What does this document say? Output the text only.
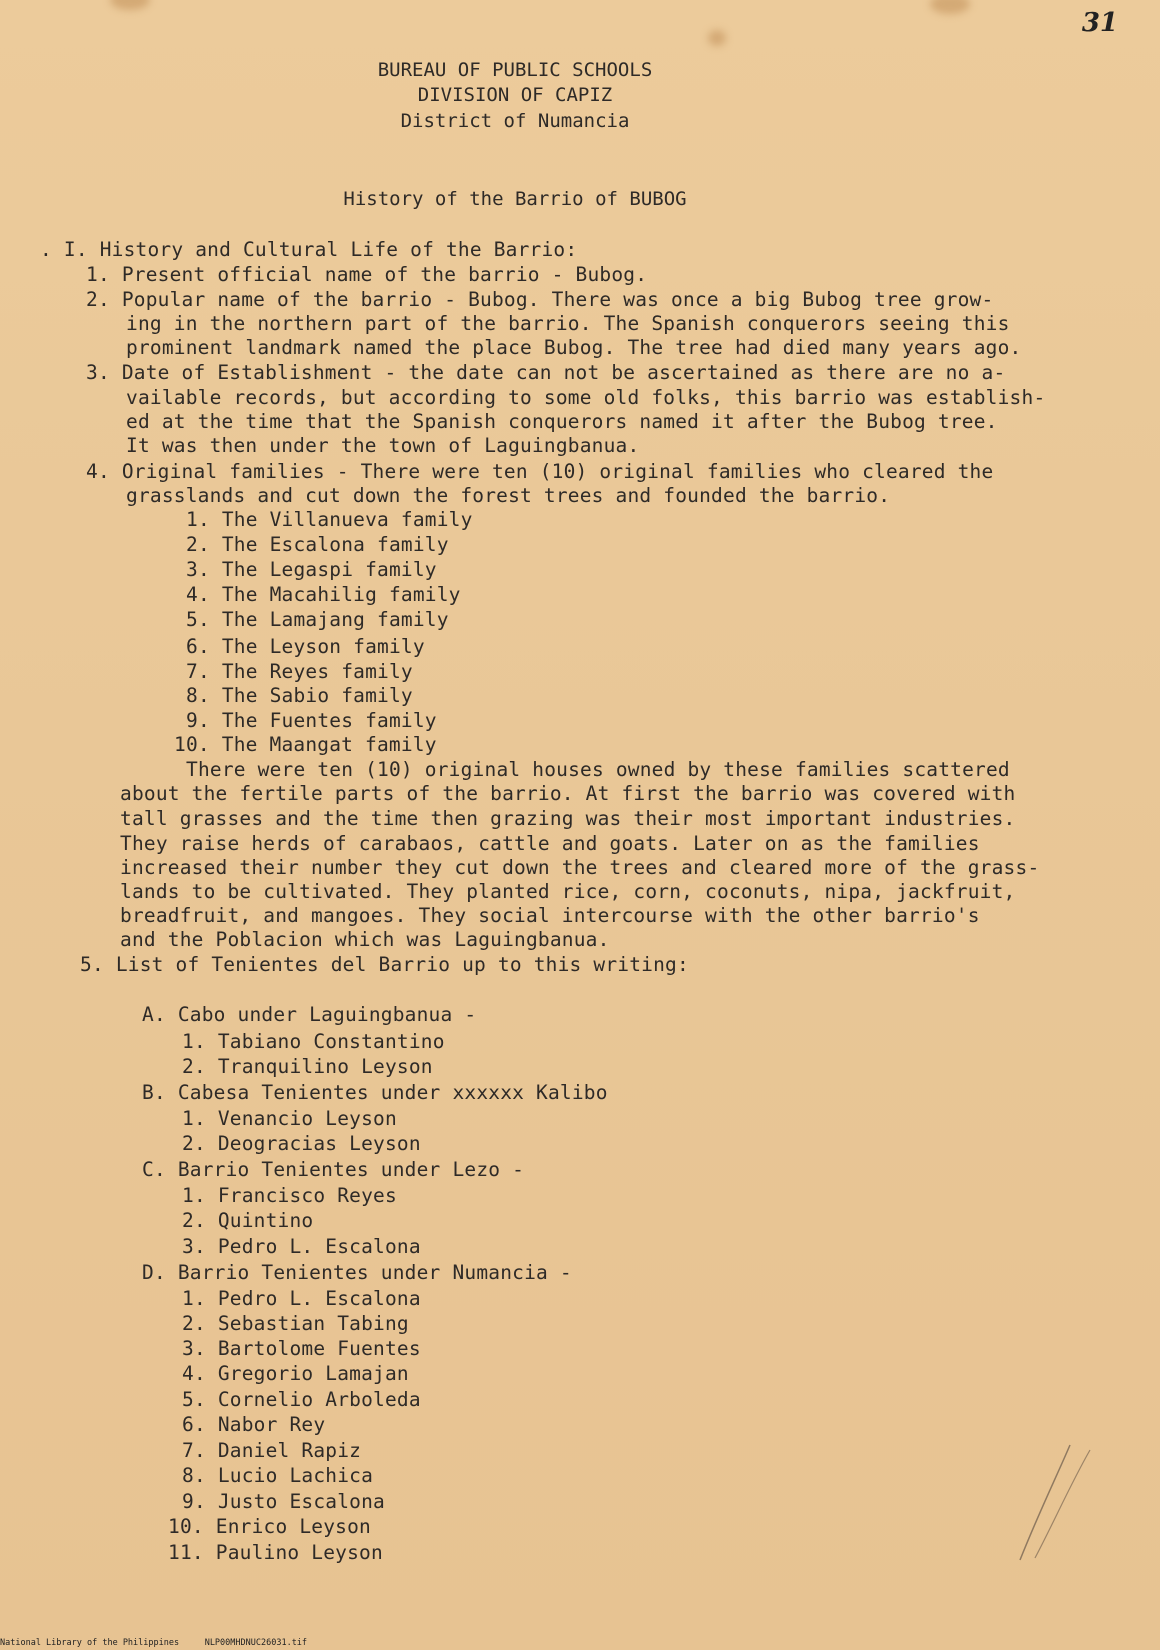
31
BUREAU OF PUBLIC SCHOOLS
DIVISION OF CAPIZ
District of Numancia
History of the Barrio of BUBOG
. I. History and Cultural Life of the Barrio:
1. Present official name of the barrio - Bubog.
2. Popular name of the barrio - Bubog. There was once a big Bubog tree grow-
ing in the northern part of the barrio. The Spanish conquerors seeing this
prominent landmark named the place Bubog. The tree had died many years ago.
3. Date of Establishment - the date can not be ascertained as there are no a-
vailable records, but according to some old folks, this barrio was establish-
ed at the time that the Spanish conquerors named it after the Bubog tree.
It was then under the town of Laguingbanua.
4. Original families - There were ten (10) original families who cleared the
grasslands and cut down the forest trees and founded the barrio.
1. The Villanueva family
2. The Escalona family
3. The Legaspi family
4. The Macahilig family
5. The Lamajang family
6. The Leyson family
7. The Reyes family
8. The Sabio family
9. The Fuentes family
10. The Maangat family
There were ten (10) original houses owned by these families scattered
about the fertile parts of the barrio. At first the barrio was covered with
tall grasses and the time then grazing was their most important industries.
They raise herds of carabaos, cattle and goats. Later on as the families
increased their number they cut down the trees and cleared more of the grass-
lands to be cultivated. They planted rice, corn, coconuts, nipa, jackfruit,
breadfruit, and mangoes. They social intercourse with the other barrio's
and the Poblacion which was Laguingbanua.
5. List of Tenientes del Barrio up to this writing:
A. Cabo under Laguingbanua -
1. Tabiano Constantino
2. Tranquilino Leyson
B. Cabesa Tenientes under xxxxxx Kalibo
1. Venancio Leyson
2. Deogracias Leyson
C. Barrio Tenientes under Lezo -
1. Francisco Reyes
2. Quintino
3. Pedro L. Escalona
D. Barrio Tenientes under Numancia -
1. Pedro L. Escalona
2. Sebastian Tabing
3. Bartolome Fuentes
4. Gregorio Lamajan
5. Cornelio Arboleda
6. Nabor Rey
7. Daniel Rapiz
8. Lucio Lachica
9. Justo Escalona
10. Enrico Leyson
11. Paulino Leyson
National Library of the Philippines     NLP00MHDNUC26031.tif
